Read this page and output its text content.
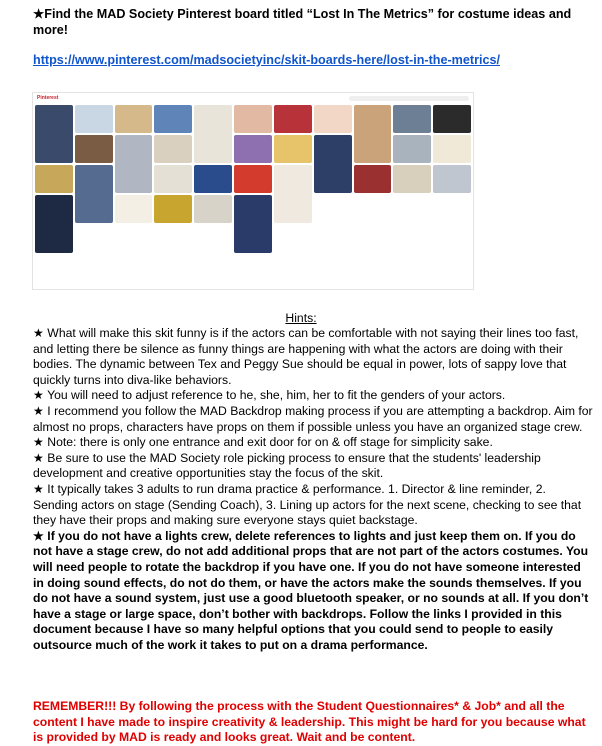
★Find the MAD Society Pinterest board titled “Lost In The Metrics” for costume ideas and more!

https://www.pinterest.com/madsocietyinc/skit-boards-here/lost-in-the-metrics/
Pinterest
Hints:

★ What will make this skit funny is if the actors can be comfortable with not saying their lines too fast, and letting there be silence as funny things are happening with what the actors are doing with their bodies. The dynamic between Tex and Peggy Sue should be equal in power, lots of sappy love that quickly turns into diva-like behaviors.

★ You will need to adjust reference to he, she, him, her to fit the genders of your actors.

★ I recommend you follow the MAD Backdrop making process if you are attempting a backdrop. Aim for almost no props, characters have props on them if possible unless you have an organized stage crew.

★ Note: there is only one entrance and exit door for on & off stage for simplicity sake.

★ Be sure to use the MAD Society role picking process to ensure that the students' leadership development and creative opportunities stay the focus of the skit.

★ It typically takes 3 adults to run drama practice & performance. 1. Director & line reminder, 2. Sending actors on stage (Sending Coach), 3. Lining up actors for the next scene, checking to see that they have their props and making sure everyone stays quiet backstage.

★ If you do not have a lights crew, delete references to lights and just keep them on. If you do not have a stage crew, do not add additional props that are not part of the actors costumes. You will need people to rotate the backdrop if you have one. If you do not have someone interested in doing sound effects, do not do them, or have the actors make the sounds themselves. If you do not have a sound system, just use a good bluetooth speaker, or no sounds at all. If you don’t have a stage or large space, don’t bother with backdrops. Follow the links I provided in this document because I have so many helpful options that you could send to people to easily outsource much of the work it takes to put on a drama performance.

REMEMBER!!! By following the process with the Student Questionnaires* & Job* and all the content I have made to inspire creativity & leadership. This might be hard for you because what is provided by MAD is ready and looks great. Wait and be content.
